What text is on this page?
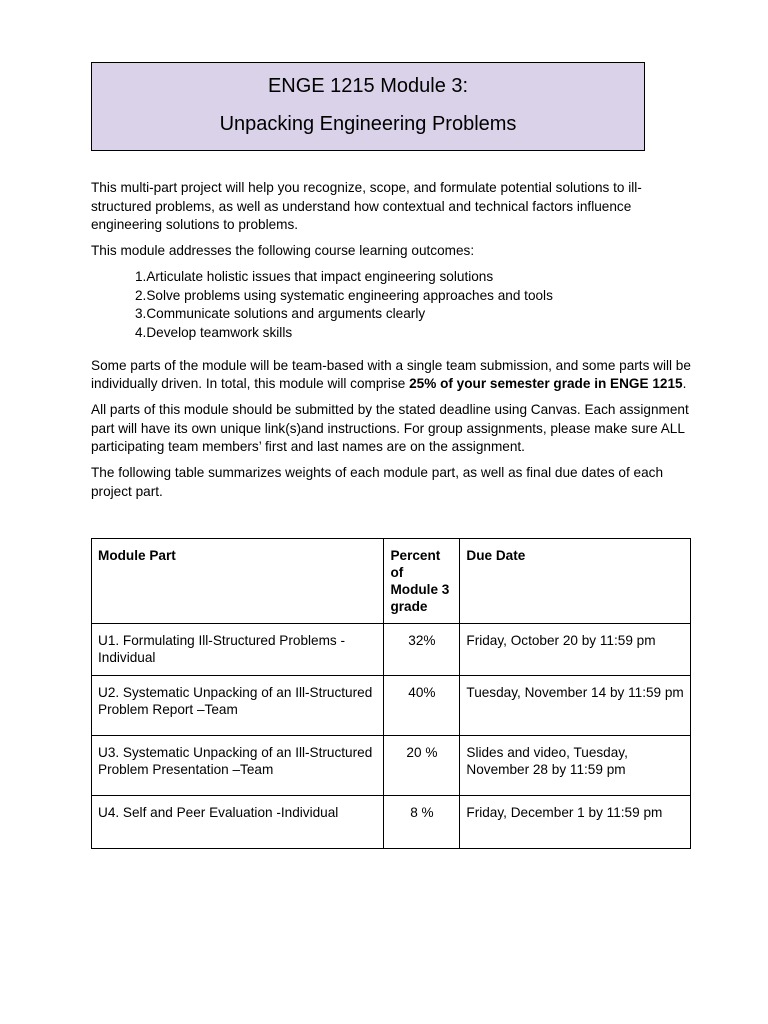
ENGE 1215 Module 3:
Unpacking Engineering Problems

This multi-part project will help you recognize, scope, and formulate potential solutions to ill-structured problems, as well as understand how contextual and technical factors influence engineering solutions to problems.

This module addresses the following course learning outcomes:

1.Articulate holistic issues that impact engineering solutions
2.Solve problems using systematic engineering approaches and tools
3.Communicate solutions and arguments clearly
4.Develop teamwork skills

Some parts of the module will be team-based with a single team submission, and some parts will be individually driven. In total, this module will comprise 25% of your semester grade in ENGE 1215.

All parts of this module should be submitted by the stated deadline using Canvas. Each assignment part will have its own unique link(s)and instructions. For group assignments, please make sure ALL participating team members’ first and last names are on the assignment.

The following table summarizes weights of each module part, as well as final due dates of each project part.

Module Part	Percent of Module 3 grade	Due Date
U1. Formulating Ill-Structured Problems - Individual	32%	Friday, October 20 by 11:59 pm
U2. Systematic Unpacking of an Ill-Structured Problem Report –Team	40%	Tuesday, November 14 by 11:59 pm
U3. Systematic Unpacking of an Ill-Structured Problem Presentation –Team	20 %	Slides and video, Tuesday, November 28 by 11:59 pm
U4. Self and Peer Evaluation -Individual	8 %	Friday, December 1 by 11:59 pm
